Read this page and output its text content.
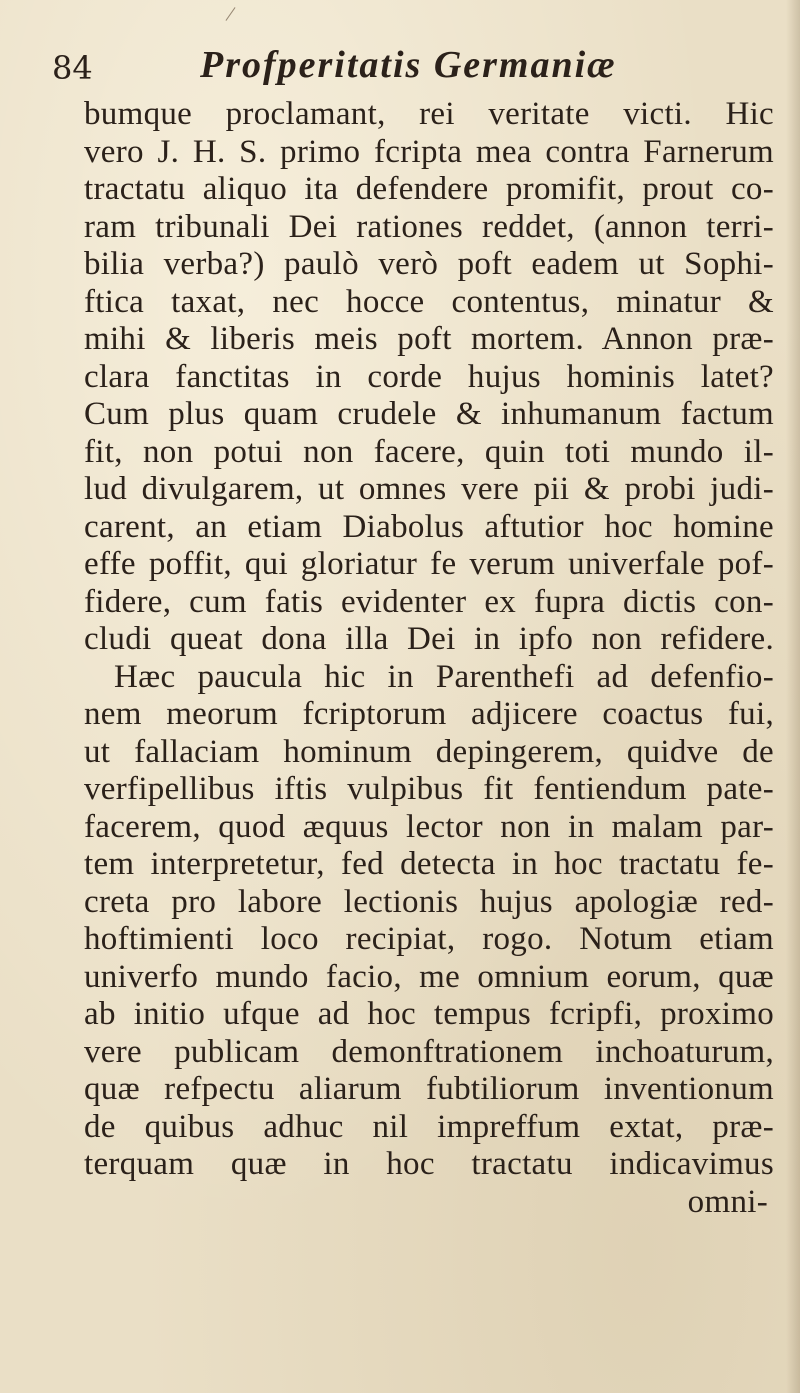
84	Profperitatis Germaniæ
bumque proclamant, rei veritate victi. Hic
vero J. H. S. primo fcripta mea contra Farnerum
tractatu aliquo ita defendere promifit, prout co-
ram tribunali Dei rationes reddet, (annon terri-
bilia verba?) paulò verò poft eadem ut Sophi-
ftica taxat, nec hocce contentus, minatur &
mihi & liberis meis poft mortem. Annon præ-
clara fanctitas in corde hujus hominis latet?
Cum plus quam crudele & inhumanum factum
fit, non potui non facere, quin toti mundo il-
lud divulgarem, ut omnes vere pii & probi judi-
carent, an etiam Diabolus aftutior hoc homine
effe poffit, qui gloriatur fe verum univerfale pof-
fidere, cum fatis evidenter ex fupra dictis con-
cludi queat dona illa Dei in ipfo non refidere.
Hæc paucula hic in Parenthefi ad defenfio-
nem meorum fcriptorum adjicere coactus fui,
ut fallaciam hominum depingerem, quidve de
verfipellibus iftis vulpibus fit fentiendum pate-
facerem, quod æquus lector non in malam par-
tem interpretetur, fed detecta in hoc tractatu fe-
creta pro labore lectionis hujus apologiæ red-
hoftimienti loco recipiat, rogo. Notum etiam
univerfo mundo facio, me omnium eorum, quæ
ab initio ufque ad hoc tempus fcripfi, proximo
vere publicam demonftrationem inchoaturum,
quæ refpectu aliarum fubtiliorum inventionum
de quibus adhuc nil impreffum extat, præ-
terquam quæ in hoc tractatu indicavimus
omni-
